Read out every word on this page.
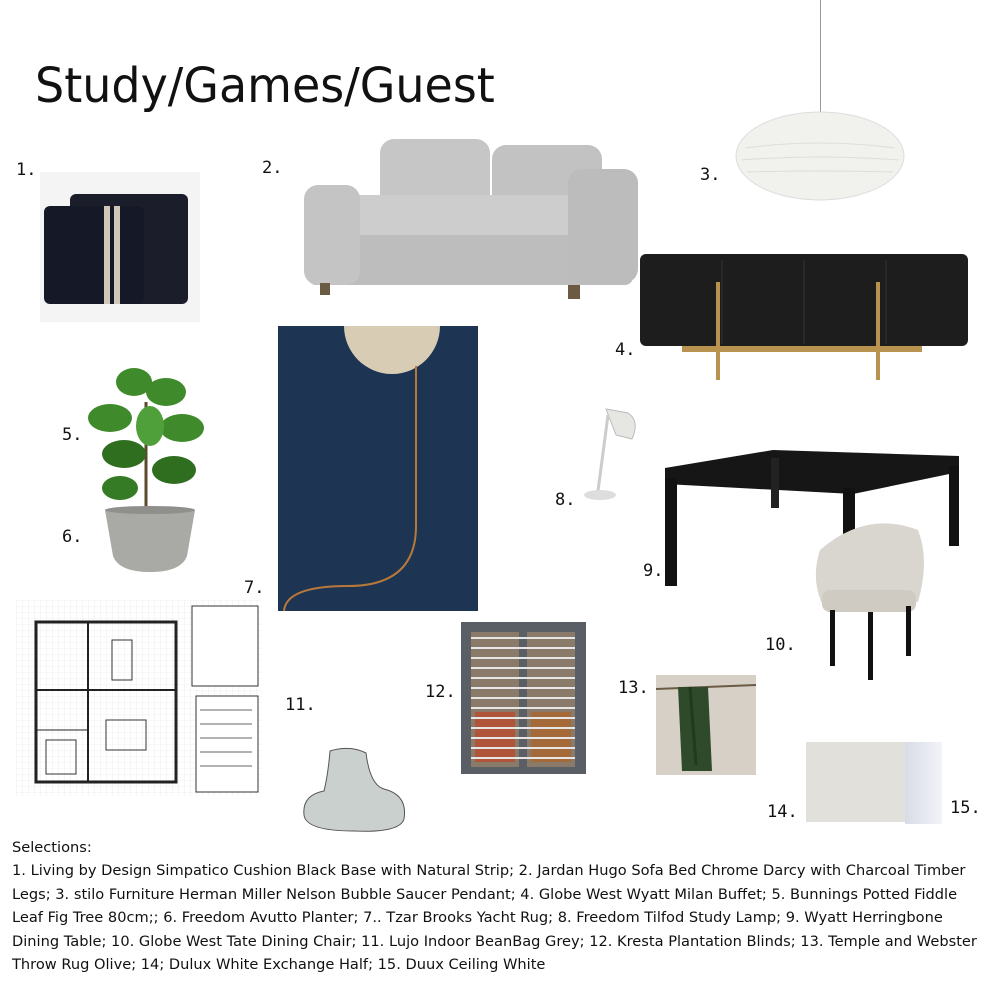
Study/Games/Guest
1.	2.	3.
4.
5.
6.
7.
8.
9.
10.
11.
12.	13.
14.	15.

Selections:

1. Living by Design Simpatico Cushion Black Base with Natural Strip; 2. Jardan Hugo Sofa Bed Chrome Darcy with Charcoal Timber Legs; 3. stilo Furniture Herman Miller Nelson Bubble Saucer Pendant; 4. Globe West Wyatt Milan Buffet; 5. Bunnings Potted Fiddle Leaf Fig Tree 80cm;; 6. Freedom Avutto Planter; 7.. Tzar Brooks Yacht Rug; 8. Freedom Tilfod Study Lamp; 9. Wyatt Herringbone Dining Table; 10. Globe West Tate Dining Chair; 11. Lujo Indoor BeanBag Grey; 12. Kresta Plantation Blinds; 13. Temple and Webster Throw Rug Olive; 14; Dulux White Exchange Half; 15. Duux Ceiling White
